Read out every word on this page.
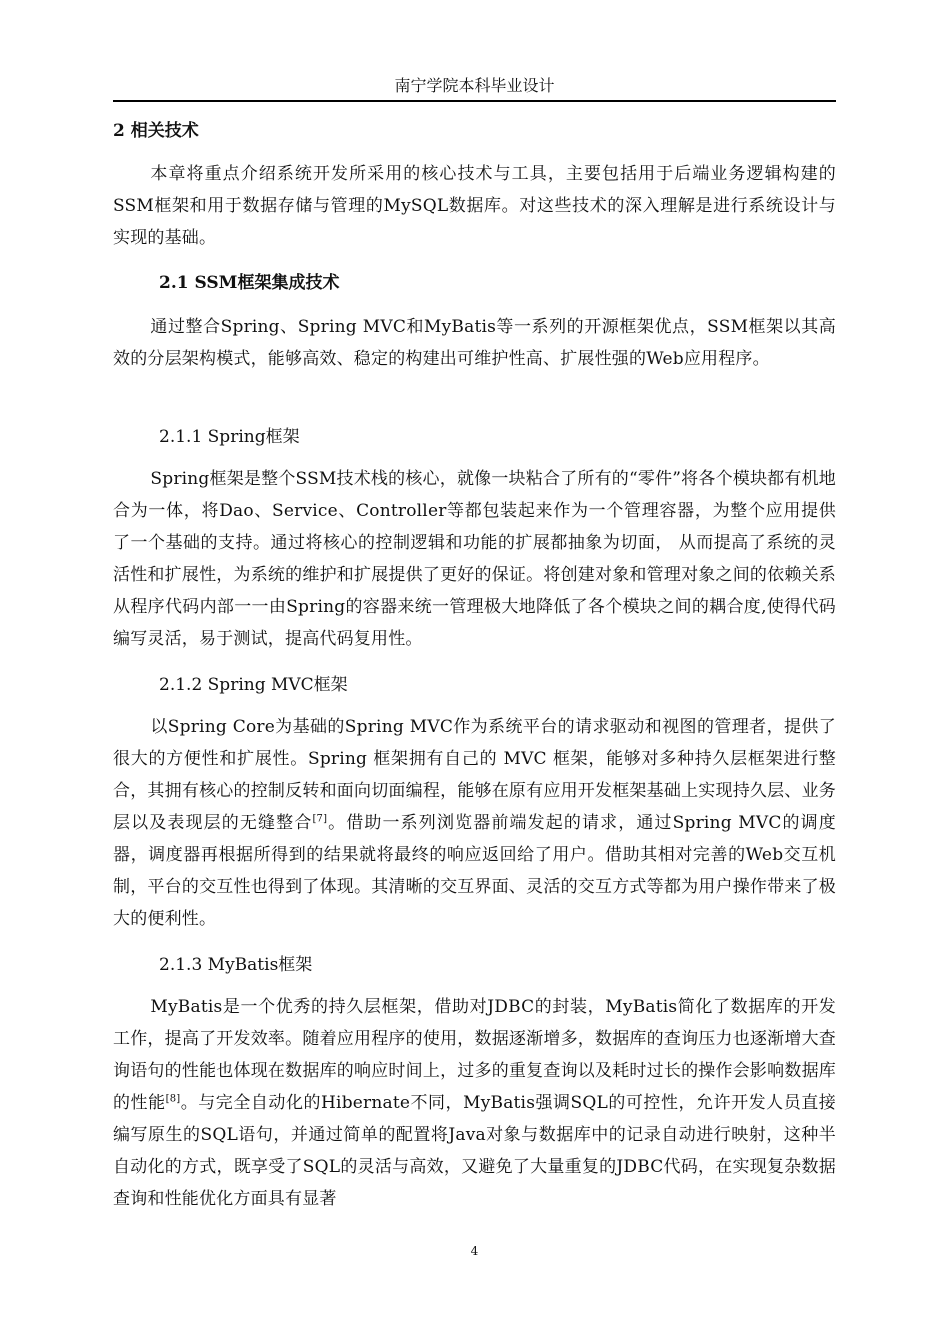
南宁学院本科毕业设计
2 相关技术

本章将重点介绍系统开发所采用的核心技术与工具，主要包括用于后端业务逻辑构建的SSM框架和用于数据存储与管理的MySQL数据库。对这些技术的深入理解是进行系统设计与实现的基础。

2.1 SSM框架集成技术

通过整合Spring、Spring MVC和MyBatis等一系列的开源框架优点，SSM框架以其高效的分层架构模式，能够高效、稳定的构建出可维护性高、扩展性强的Web应用程序。

2.1.1 Spring框架

Spring框架是整个SSM技术栈的核心，就像一块粘合了所有的“零件”将各个模块都有机地合为一体，将Dao、Service、Controller等都包装起来作为一个管理容器，为整个应用提供了一个基础的支持。通过将核心的控制逻辑和功能的扩展都抽象为切面， 从而提高了系统的灵活性和扩展性，为系统的维护和扩展提供了更好的保证。将创建对象和管理对象之间的依赖关系从程序代码内部一一由Spring的容器来统一管理极大地降低了各个模块之间的耦合度,使得代码编写灵活，易于测试，提高代码复用性。

2.1.2 Spring MVC框架

以Spring Core为基础的Spring MVC作为系统平台的请求驱动和视图的管理者，提供了很大的方便性和扩展性。Spring 框架拥有自己的 MVC 框架，能够对多种持久层框架进行整合，其拥有核心的控制反转和面向切面编程，能够在原有应用开发框架基础上实现持久层、业务层以及表现层的无缝整合[7]。借助一系列浏览器前端发起的请求，通过Spring MVC的调度器，调度器再根据所得到的结果就将最终的响应返回给了用户。借助其相对完善的Web交互机制，平台的交互性也得到了体现。其清晰的交互界面、灵活的交互方式等都为用户操作带来了极大的便利性。

2.1.3 MyBatis框架

MyBatis是一个优秀的持久层框架，借助对JDBC的封装，MyBatis简化了数据库的开发工作，提高了开发效率。随着应用程序的使用，数据逐渐增多，数据库的查询压力也逐渐增大查询语句的性能也体现在数据库的响应时间上，过多的重复查询以及耗时过长的操作会影响数据库的性能[8]。与完全自动化的Hibernate不同，MyBatis强调SQL的可控性，允许开发人员直接编写原生的SQL语句，并通过简单的配置将Java对象与数据库中的记录自动进行映射，这种半自动化的方式，既享受了SQL的灵活与高效，又避免了大量重复的JDBC代码，在实现复杂数据查询和性能优化方面具有显著

4
